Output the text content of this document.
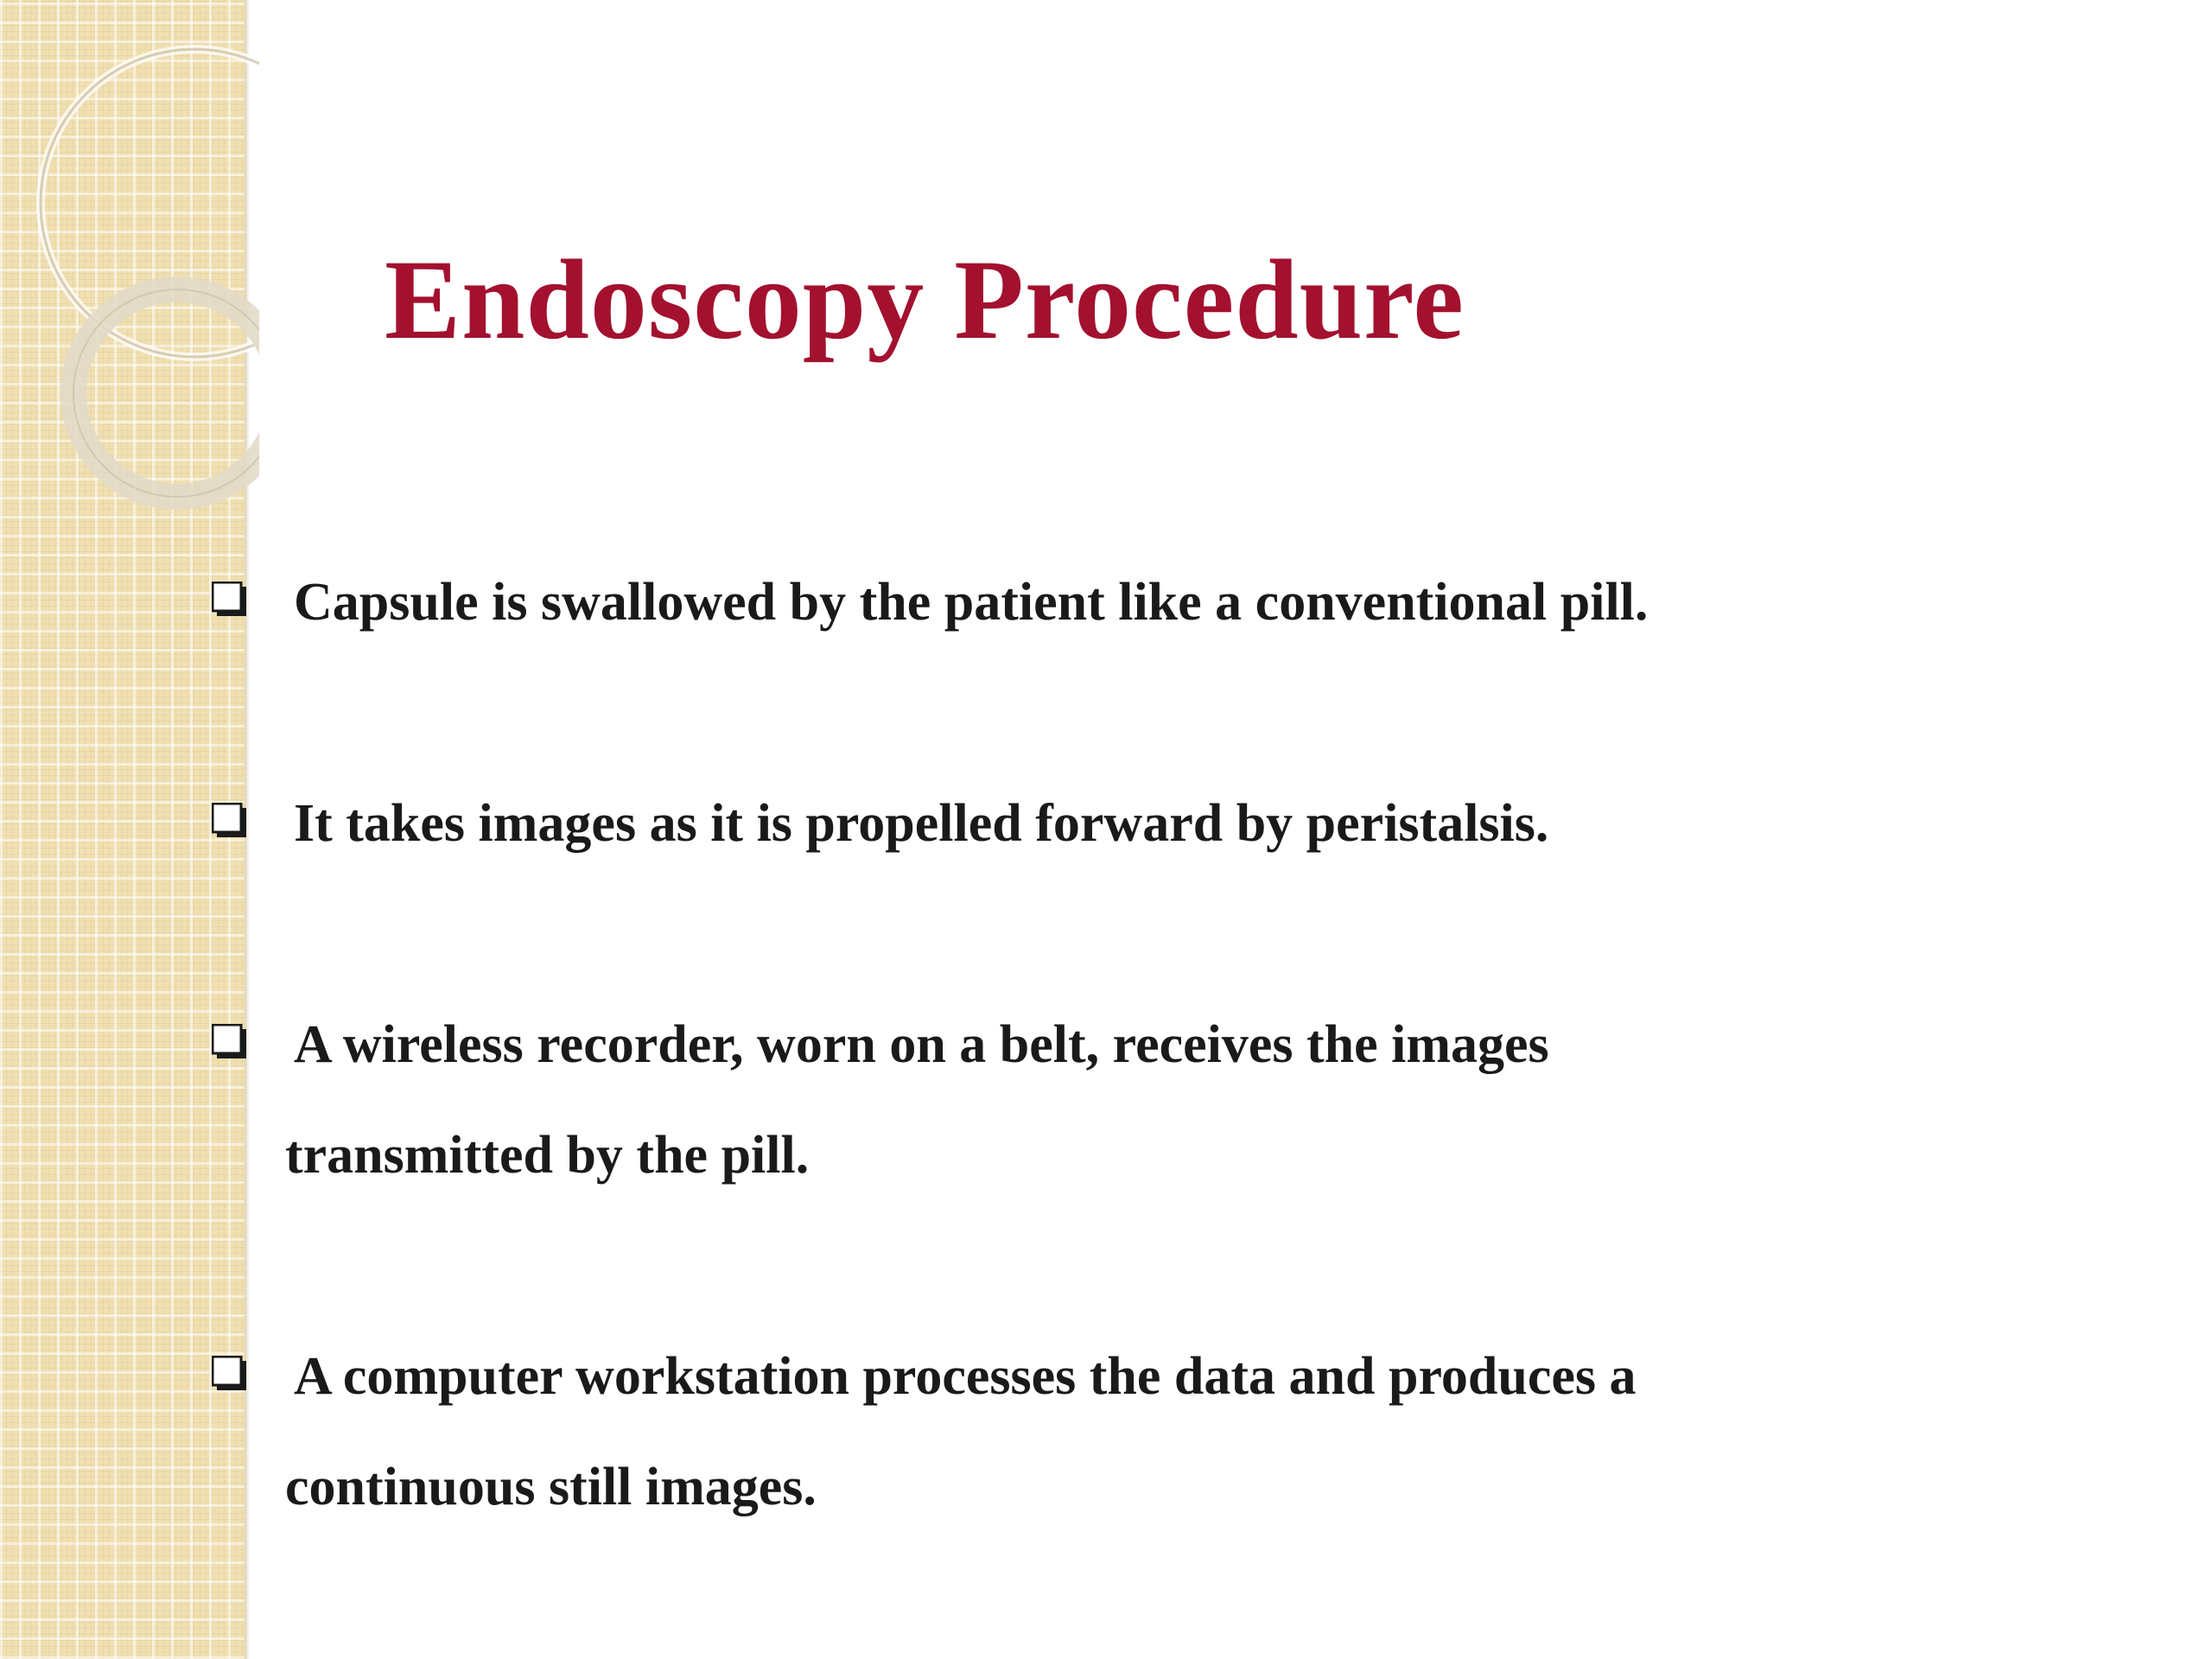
Endoscopy Procedure
Capsule is swallowed by the patient like a conventional pill.
It takes images as it is propelled forward by peristalsis.
A wireless recorder, worn on a belt, receives the images
transmitted by the pill.
A computer workstation processes the data and produces a
continuous still images.
